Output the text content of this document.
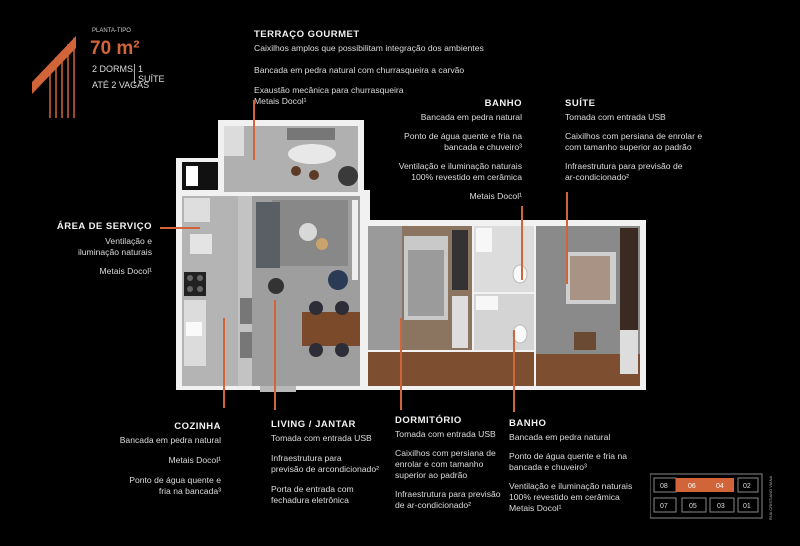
PLANTA-TIPO
70 m²
2 DORMS. 1 SUÍTE
ATÉ 2 VAGAS
TERRAÇO GOURMET
Caixilhos amplos que possibilitam integração dos ambientes
Bancada em pedra natural com churrasqueira a carvão
Exaustão mecânica para churrasqueira
Metais Docol¹	BANHO
Bancada em pedra natural
Ponto de água quente e fria na
bancada e chuveiro³
Ventilação e iluminação naturais
100% revestido em cerâmica
Metais Docol¹
SUÍTE
Tomada com entrada USB
Caixilhos com persiana de enrolar e
com tamanho superior ao padrão
Infraestrutura para previsão de
ar-condicionado²
ÁREA DE SERVIÇO
Ventilação e
iluminação naturais
Metais Docol¹
COZINHA
Bancada em pedra natural
Metais Docol¹
Ponto de água quente e
fria na bancada³
LIVING / JANTAR
Tomada com entrada USB
Infraestrutura para
previsão de arcondicionado²
Porta de entrada com
fechadura eletrônica
DORMITÓRIO
Tomada com entrada USB
Caixilhos com persiana de
enrolar e com tamanho
superior ao padrão
Infraestrutura para previsão
de ar-condicionado²
BANHO
Bancada em pedra natural
Ponto de água quente e fria na
bancada e chuveiro³
Ventilação e iluminação naturais
100% revestido em cerâmica
Metais Docol¹
08	06	04	02
07	05	03	01	RUA CRISTIANO VIANA
